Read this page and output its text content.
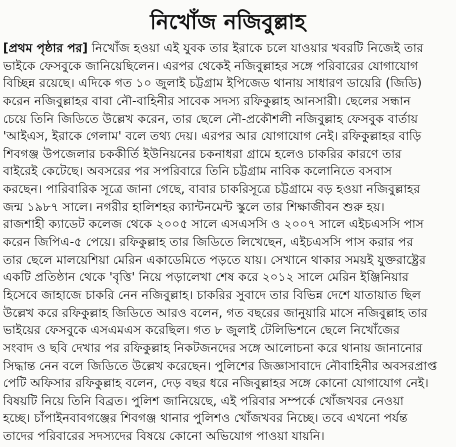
নিখোঁজ নজিবুল্লাহ
[প্রথম পৃষ্ঠার পর] নিখোঁজ হওয়া এই যুবক তার ইরাকে চলে যাওয়ার খবরটি নিজেই তার
ভাইকে ফেসবুকে জানিয়েছিলেন। এরপর থেকেই নজিবুল্লাহর সঙ্গে পরিবারের যোগাযোগ
বিচ্ছিন্ন রয়েছে। এদিকে গত ১০ জুলাই চট্টগ্রাম ইপিজেড থানায় সাধারণ ডায়েরি (জিডি)
করেন নজিবুল্লাহর বাবা নৌ-বাহিনীর সাবেক সদস্য রফিকুল্লাহ আনসারী। ছেলের সন্ধান
চেয়ে তিনি জিডিতে উল্লেখ করেন, তার ছেলে নৌ-প্রকৌশলী নজিবুল্লাহ ফেসবুক বার্তায়
'আইএস, ইরাকে গেলাম' বলে তথ্য দেয়। এরপর আর যোগাযোগ নেই। রফিকুল্লাহর বাড়ি
শিবগঞ্জ উপজেলার চককীর্তি ইউনিয়নের চকনাধরা গ্রামে হলেও চাকরির কারণে তার
বাইরেই কেটেছে। অবসরের পর সপরিবারে তিনি চট্টগ্রাম নাবিক কলোনিতে বসবাস
করছেন। পারিবারিক সূত্রে জানা গেছে, বাবার চাকরিসূত্রে চট্টগ্রামে বড় হওয়া নজিবুল্লাহর
জন্ম ১৯৮৭ সালে। নগরীর হালিশহর ক্যান্টনমেন্ট স্কুলে তার শিক্ষাজীবন শুরু হয়।
রাজশাহী ক্যাডেট কলেজ থেকে ২০০৫ সালে এসএসসি ও ২০০৭ সালে এইচএসসি পাস
করেন জিপিএ-৫ পেয়ে। রফিকুল্লাহ তার জিডিতে লিখেছেন, এইচএসসি পাস করার পর
তার ছেলে মালয়েশিয়া মেরিন একাডেমিতে পড়তে যায়। সেখানে থাকার সময়ই যুক্তরাষ্ট্রের
একটি প্রতিষ্ঠান থেকে 'বৃত্তি' নিয়ে পড়ালেখা শেষ করে ২০১২ সালে মেরিন ইঞ্জিনিয়ার
হিসেবে জাহাজে চাকরি নেন নজিবুল্লাহ। চাকরির সুবাদে তার বিভিন্ন দেশে যাতায়াত ছিল
উল্লেখ করে রফিকুল্লাহ জিডিতে আরও বলেন, গত বছরের জানুয়ারি মাসে নজিবুল্লাহ তার
ভাইয়ের ফেসবুকে এসএমএস করেছিল। গত ৮ জুলাই টেলিভিশনে ছেলে নিখোঁজের
সংবাদ ও ছবি দেখার পর রফিকুল্লাহ নিকটজনদের সঙ্গে আলোচনা করে থানায় জানানোর
সিদ্ধান্ত নেন বলে জিডিতে উল্লেখ করেছেন। পুলিশের জিজ্ঞাসাবাদে নৌবাহিনীর অবসরপ্রাপ্ত
পেটি অফিসার রফিকুল্লাহ বলেন, দেড় বছর ধরে নজিবুল্লাহর সঙ্গে কোনো যোগাযোগ নেই।
বিষয়টি নিয়ে তিনি বিব্রত। পুলিশ জানিয়েছে, এই পরিবার সম্পর্কে খোঁজখবর নেওয়া
হচ্ছে। চাঁপাইনবাবগঞ্জের শিবগঞ্জ থানার পুলিশও খোঁজখবর নিচ্ছে। তবে এখনো পর্যন্ত
তাদের পরিবারের সদস্যদের বিষয়ে কোনো অভিযোগ পাওয়া যায়নি।
